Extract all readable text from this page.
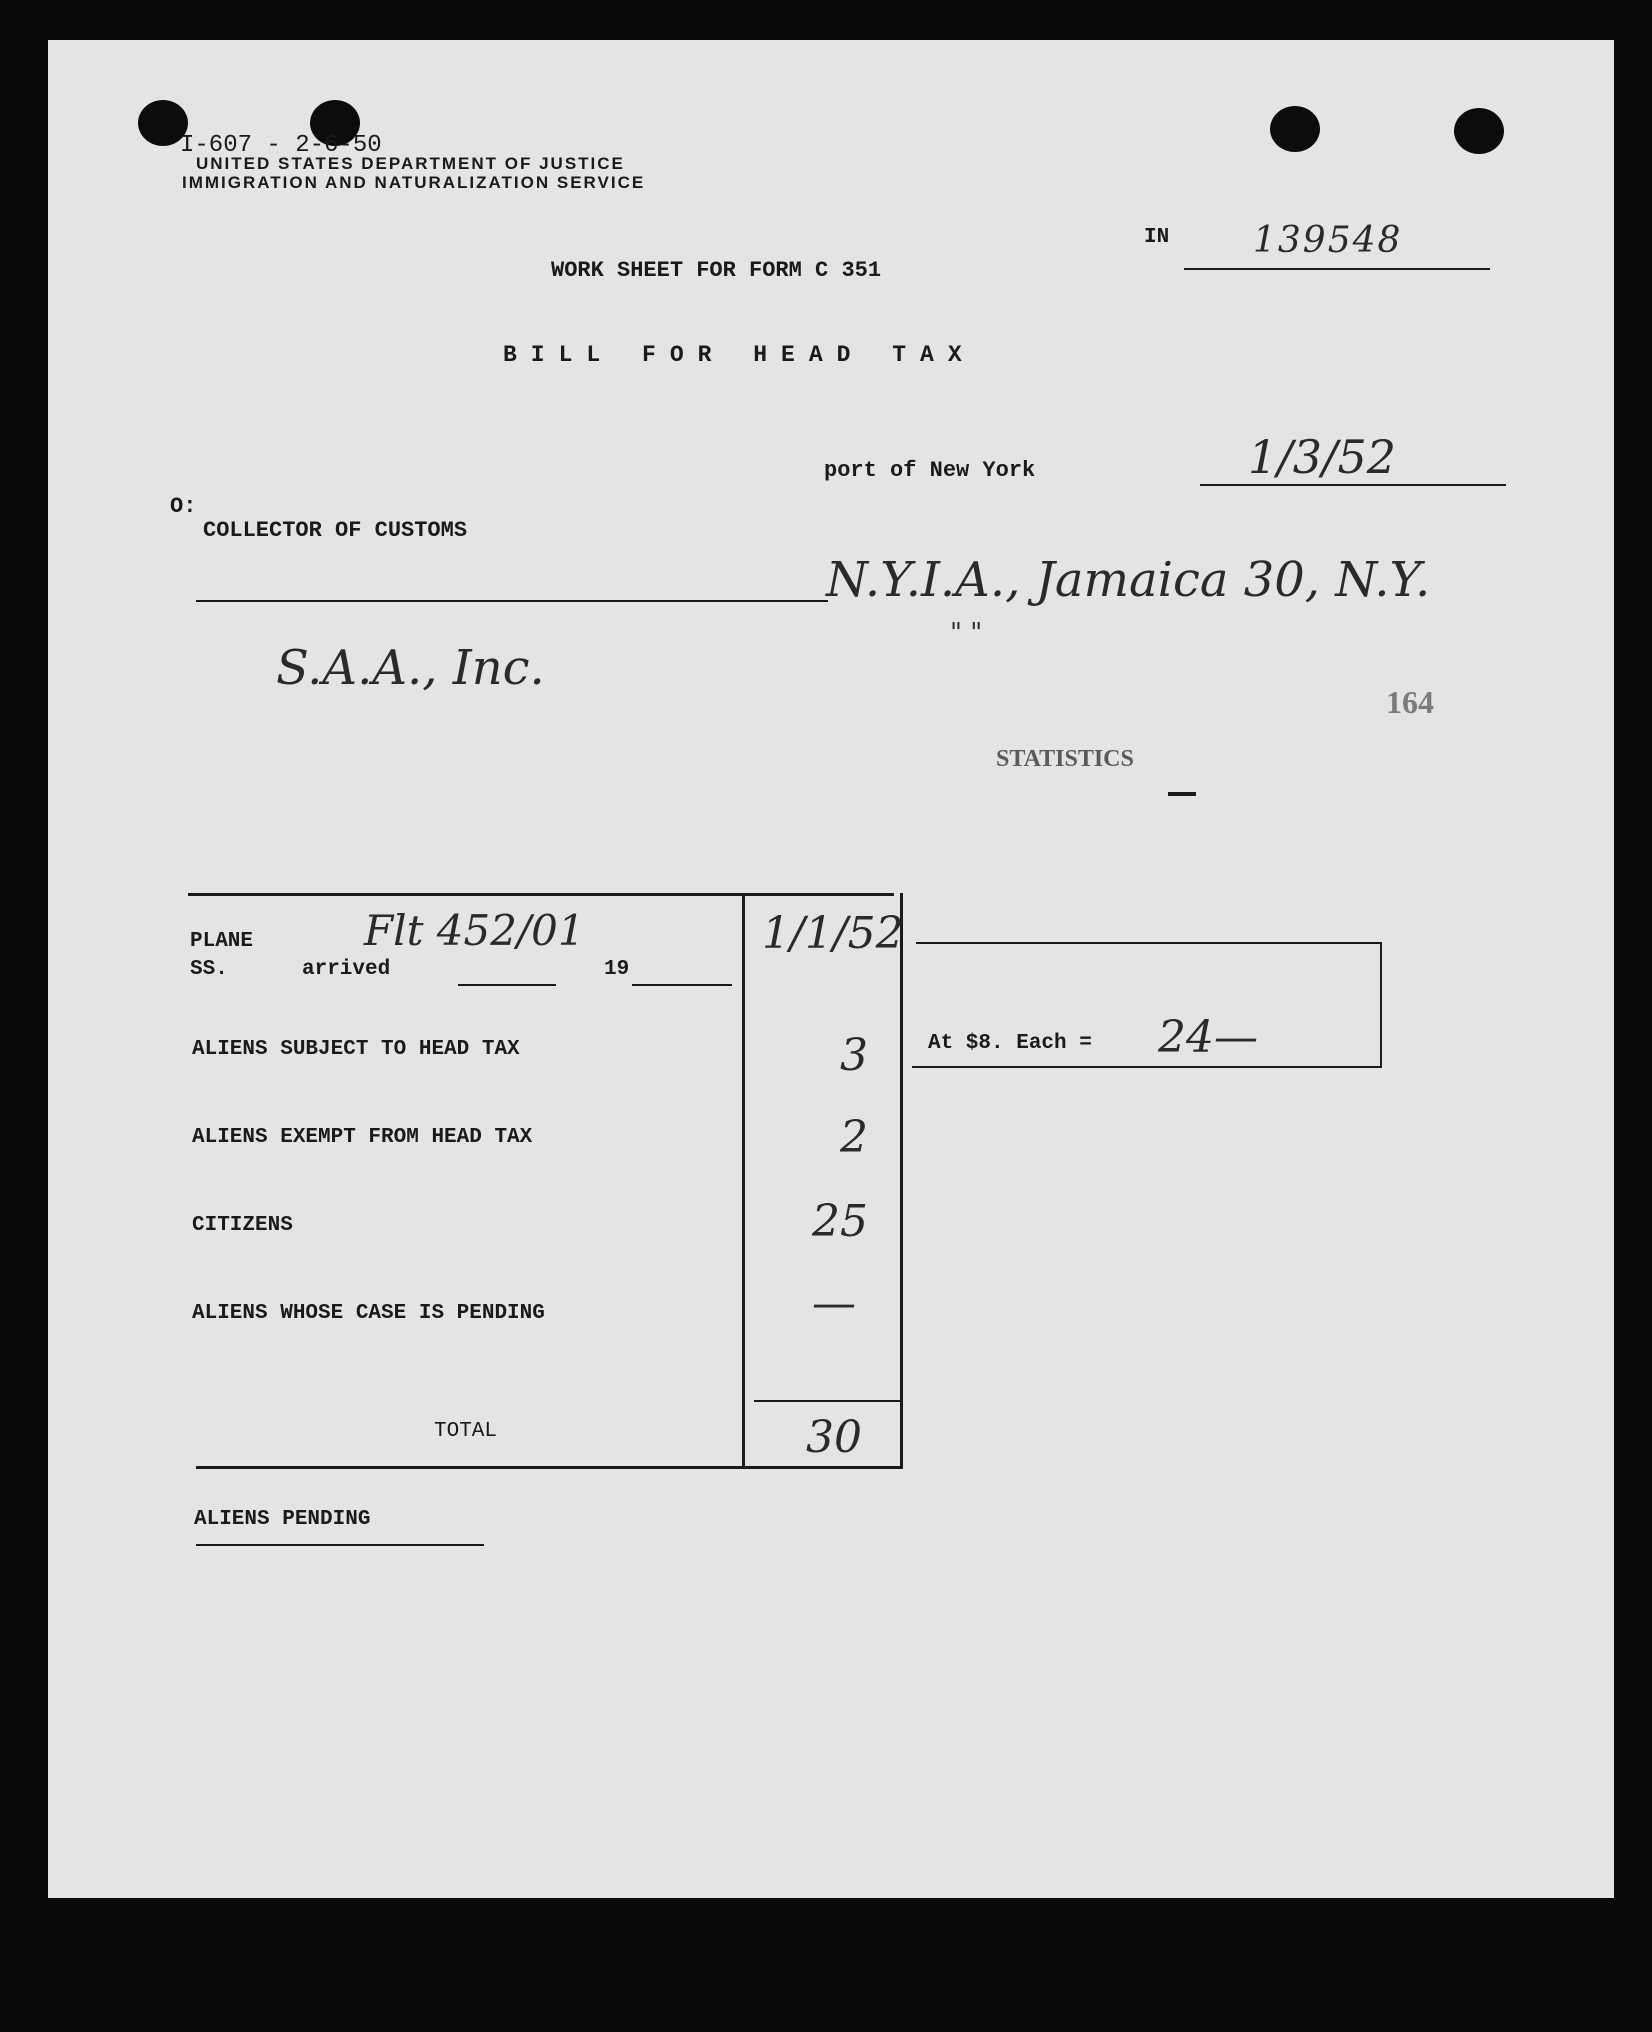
I-607 - 2-6-50
UNITED STATES DEPARTMENT OF JUSTICE
IMMIGRATION AND NATURALIZATION SERVICE
IN 139548
WORK SHEET FOR FORM C 351
BILL FOR HEAD TAX
port of New York	1/3/52
O:
COLLECTOR OF CUSTOMS
N.Y.I.A., Jamaica 30, N.Y.
" "
S.A.A., Inc.
164
STATISTICS
PLANE
SS.	arrived	19
Flt 452/01	1/1/52
ALIENS SUBJECT TO HEAD TAX	3
ALIENS EXEMPT FROM HEAD TAX	2
CITIZENS	25
ALIENS WHOSE CASE IS PENDING	—
TOTAL	30
At $8. Each = 24—
ALIENS PENDING
